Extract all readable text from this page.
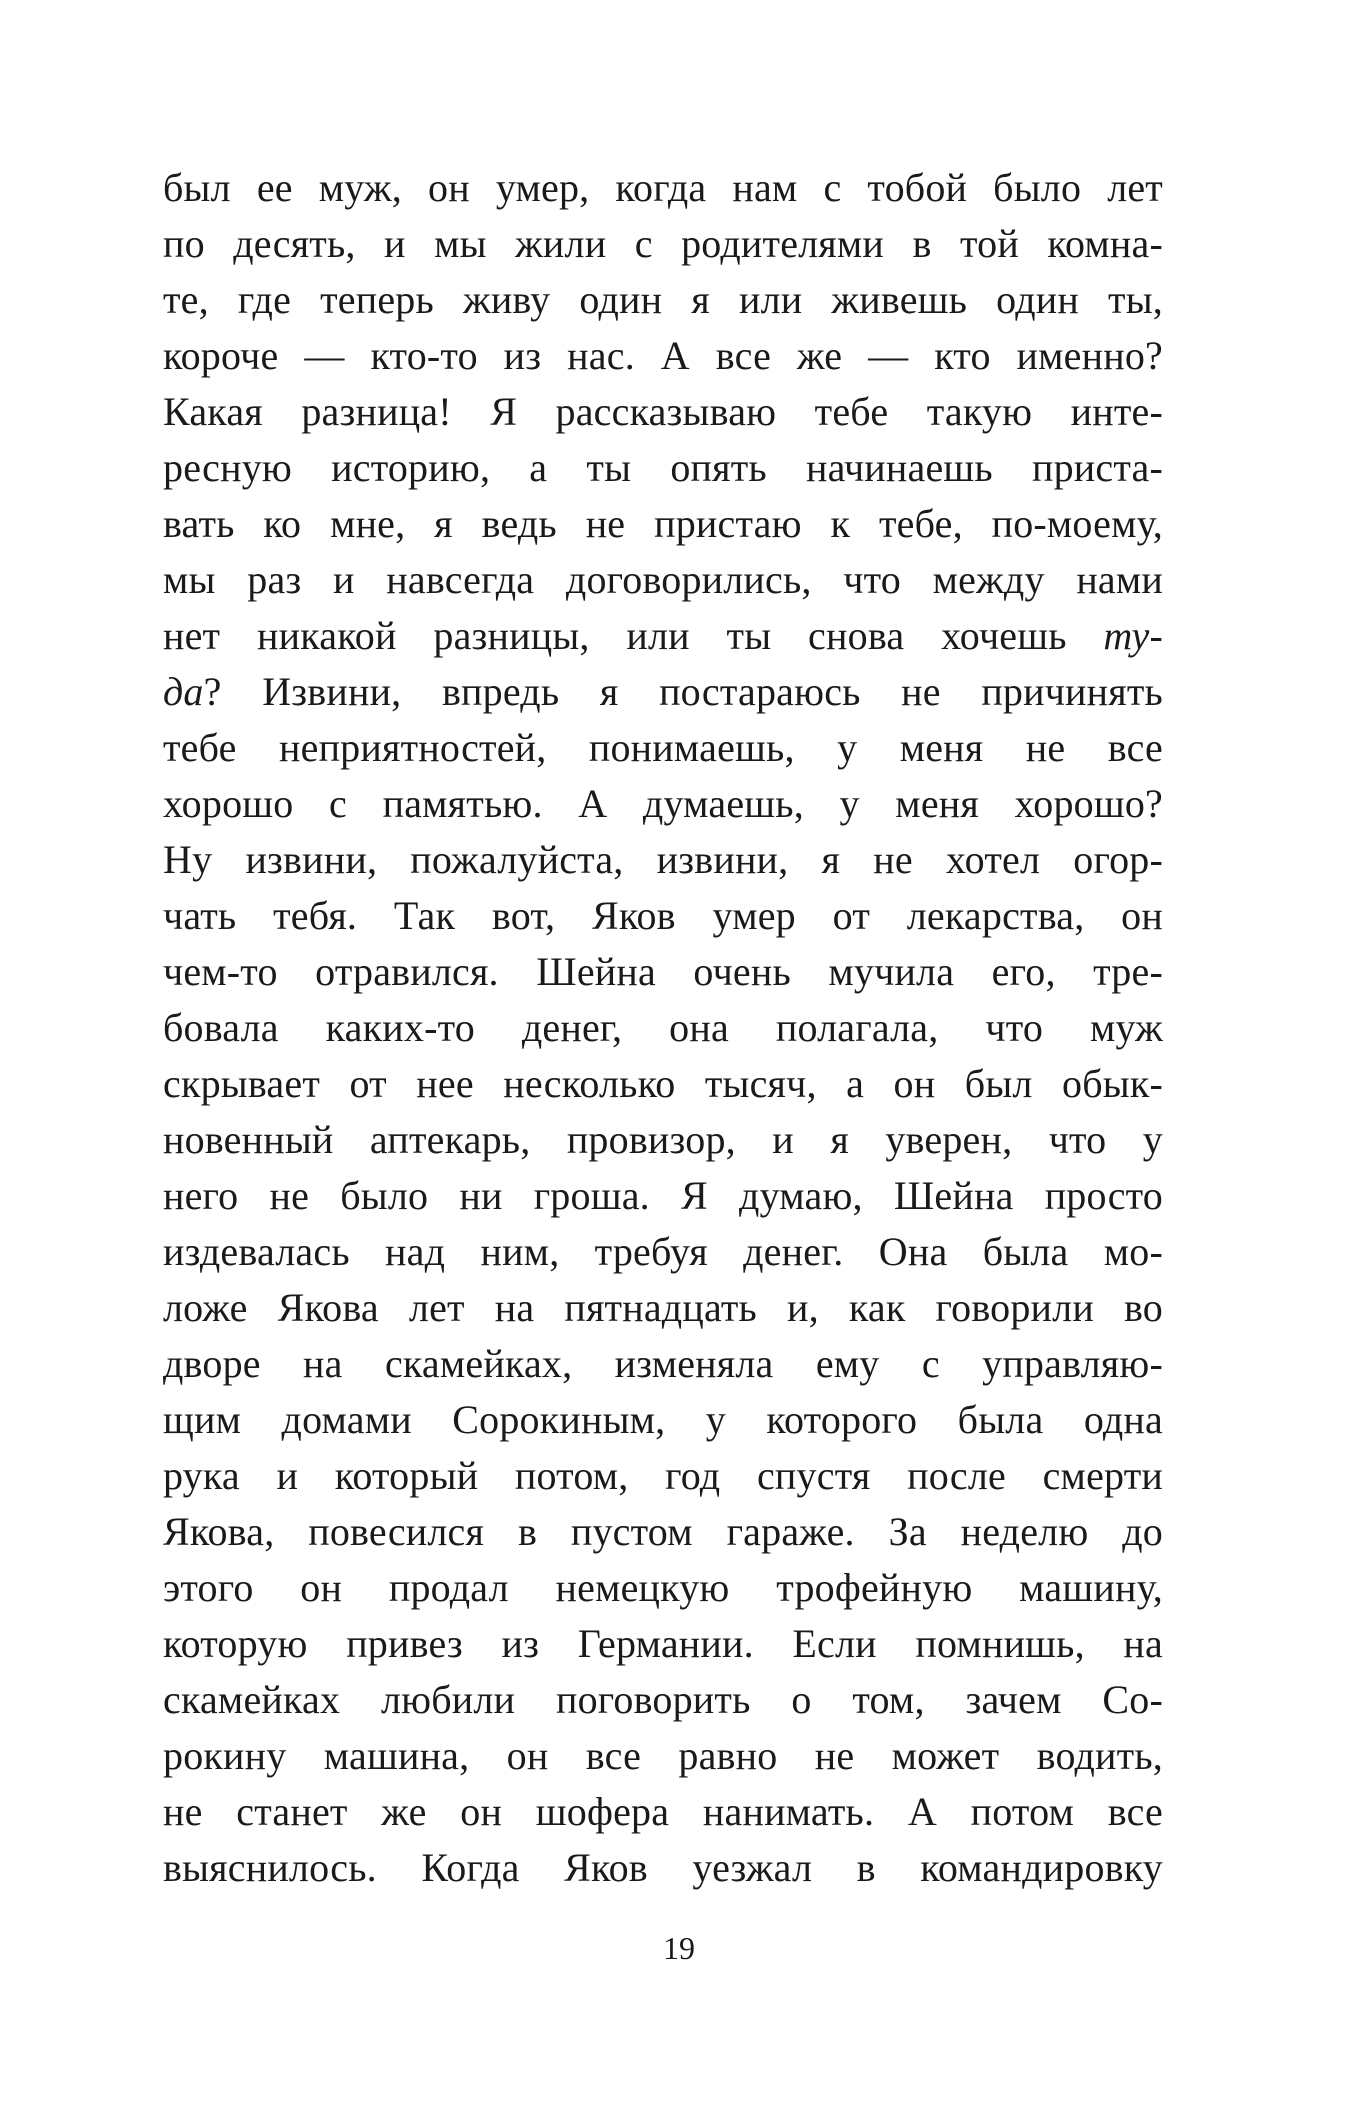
был ее муж, он умер, когда нам с тобой было лет
по десять, и мы жили с родителями в той комна-
те, где теперь живу один я или живешь один ты,
короче — кто-то из нас. А все же — кто именно?
Какая разница! Я рассказываю тебе такую инте-
ресную историю, а ты опять начинаешь приста-
вать ко мне, я ведь не пристаю к тебе, по-моему,
мы раз и навсегда договорились, что между нами
нет никакой разницы, или ты снова хочешь ту-
да? Извини, впредь я постараюсь не причинять
тебе неприятностей, понимаешь, у меня не все
хорошо с памятью. А думаешь, у меня хорошо?
Ну извини, пожалуйста, извини, я не хотел огор-
чать тебя. Так вот, Яков умер от лекарства, он
чем-то отравился. Шейна очень мучила его, тре-
бовала каких-то денег, она полагала, что муж
скрывает от нее несколько тысяч, а он был обык-
новенный аптекарь, провизор, и я уверен, что у
него не было ни гроша. Я думаю, Шейна просто
издевалась над ним, требуя денег. Она была мо-
ложе Якова лет на пятнадцать и, как говорили во
дворе на скамейках, изменяла ему с управляю-
щим домами Сорокиным, у которого была одна
рука и который потом, год спустя после смерти
Якова, повесился в пустом гараже. За неделю до
этого он продал немецкую трофейную машину,
которую привез из Германии. Если помнишь, на
скамейках любили поговорить о том, зачем Со-
рокину машина, он все равно не может водить,
не станет же он шофера нанимать. А потом все
выяснилось. Когда Яков уезжал в командировку
19
